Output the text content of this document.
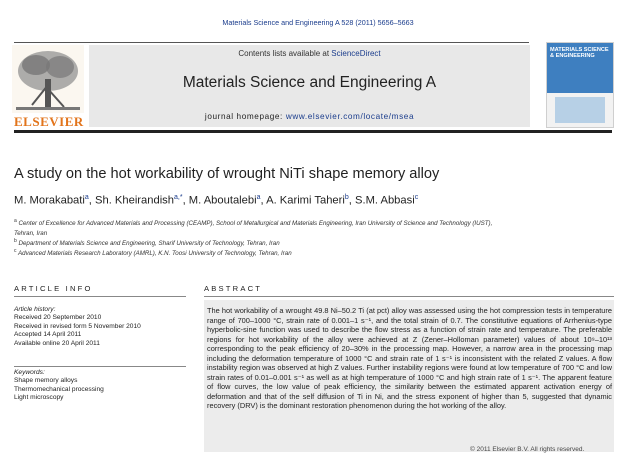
Materials Science and Engineering A 528 (2011) 5656–5663
ELSEVIER
Contents lists available at ScienceDirect
Materials Science and Engineering A
journal homepage: www.elsevier.com/locate/msea
MATERIALS SCIENCE & ENGINEERING
A study on the hot workability of wrought NiTi shape memory alloy
M. Morakabati$^a$, Sh. Kheirandish$^{a,*}$, M. Aboutalebi$^a$, A. Karimi Taheri$^b$, S.M. Abbasi$^c$
$^a$ Center of Excellence for Advanced Materials and Processing (CEAMP), School of Metallurgical and Materials Engineering, Iran University of Science and Technology (IUST), Tehran, Iran
$^b$ Department of Materials Science and Engineering, Sharif University of Technology, Tehran, Iran
$^c$ Advanced Materials Research Laboratory (AMRL), K.N. Toosi University of Technology, Tehran, Iran
ARTICLE INFO
Article history:
Received 20 September 2010
Received in revised form 5 November 2010
Accepted 14 April 2011
Available online 20 April 2011
Keywords:
Shape memory alloys
Thermomechanical processing
Light microscopy
ABSTRACT
The hot workability of a wrought 49.8 Ni–50.2 Ti (at pct) alloy was assessed using the hot compression tests in temperature range of 700–1000 °C, strain rate of 0.001–1 s⁻¹, and the total strain of 0.7. The constitutive equations of Arrhenius-type hyperbolic-sine function was used to describe the flow stress as a function of strain rate and temperature. The preferable regions for hot workability of the alloy were achieved at Z (Zener–Holloman parameter) values of about 10⁹–10¹³ corresponding to the peak efficiency of 20–30% in the processing map. However, a narrow area in the processing map including the deformation temperature of 1000 °C and strain rate of 1 s⁻¹ is inconsistent with the related Z values. A flow instability region was observed at high Z values. Further instability regions were found at low temperature of 700 °C and low strain rates of 0.01–0.001 s⁻¹ as well as at high temperature of 1000 °C and high strain rate of 1 s⁻¹. The apparent feature of flow curves, the low value of peak efficiency, the similarity between the estimated apparent activation energy of deformation and that of the self diffusion of Ti in Ni, and the stress exponent of higher than 5, suggested that dynamic recovery (DRV) is the dominant restoration phenomenon during the hot working of the alloy.
© 2011 Elsevier B.V. All rights reserved.
